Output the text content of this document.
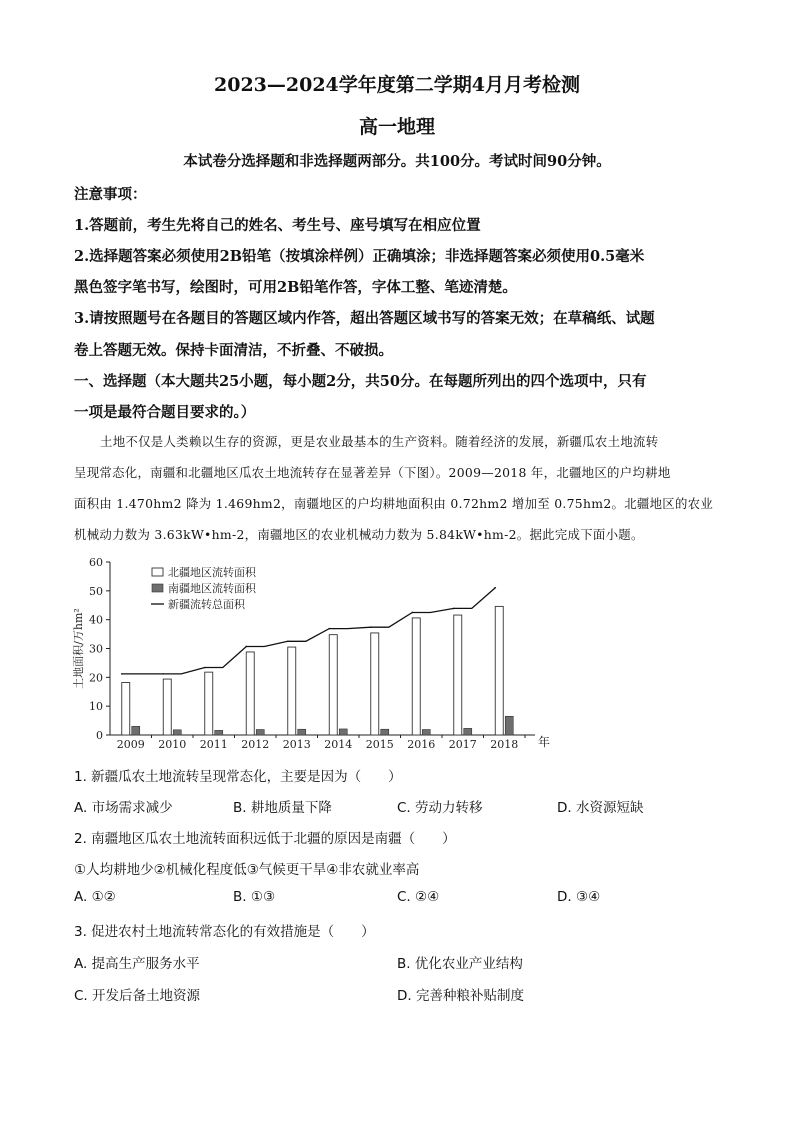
2023—2024学年度第二学期4月月考检测
高一地理
本试卷分选择题和非选择题两部分。共100分。考试时间90分钟。
注意事项：
1.答题前，考生先将自己的姓名、考生号、座号填写在相应位置
2.选择题答案必须使用2B铅笔（按填涂样例）正确填涂；非选择题答案必须使用0.5毫米
黑色签字笔书写，绘图时，可用2B铅笔作答，字体工整、笔迹清楚。
3.请按照题号在各题目的答题区域内作答，超出答题区域书写的答案无效；在草稿纸、试题
卷上答题无效。保持卡面清洁，不折叠、不破损。
一、选择题（本大题共25小题，每小题2分，共50分。在每题所列出的四个选项中，只有
一项是最符合题目要求的。）
土地不仅是人类赖以生存的资源，更是农业最基本的生产资料。随着经济的发展，新疆瓜农土地流转
呈现常态化，南疆和北疆地区瓜农土地流转存在显著差异（下图）。2009—2018 年，北疆地区的户均耕地
面积由 1.470hm2 降为 1.469hm2，南疆地区的户均耕地面积由 0.72hm2 增加至 0.75hm2。北疆地区的农业
机械动力数为 3.63kW•hm-2，南疆地区的农业机械动力数为 5.84kW•hm-2。据此完成下面小题。
0
10
20
30
40
50
60
土地面积/万hm²
年
2009 2010 2011 2012 2013 2014 2015 2016 2017 2018
北疆地区流转面积
南疆地区流转面积
新疆流转总面积
1. 新疆瓜农土地流转呈现常态化，主要是因为（　　）
A. 市场需求减少	B. 耕地质量下降	C. 劳动力转移	D. 水资源短缺
2. 南疆地区瓜农土地流转面积远低于北疆的原因是南疆（　　）
①人均耕地少②机械化程度低③气候更干旱④非农就业率高
A. ①②	B. ①③	C. ②④	D. ③④
3. 促进农村土地流转常态化的有效措施是（　　）
A. 提高生产服务水平	B. 优化农业产业结构
C. 开发后备土地资源	D. 完善种粮补贴制度
